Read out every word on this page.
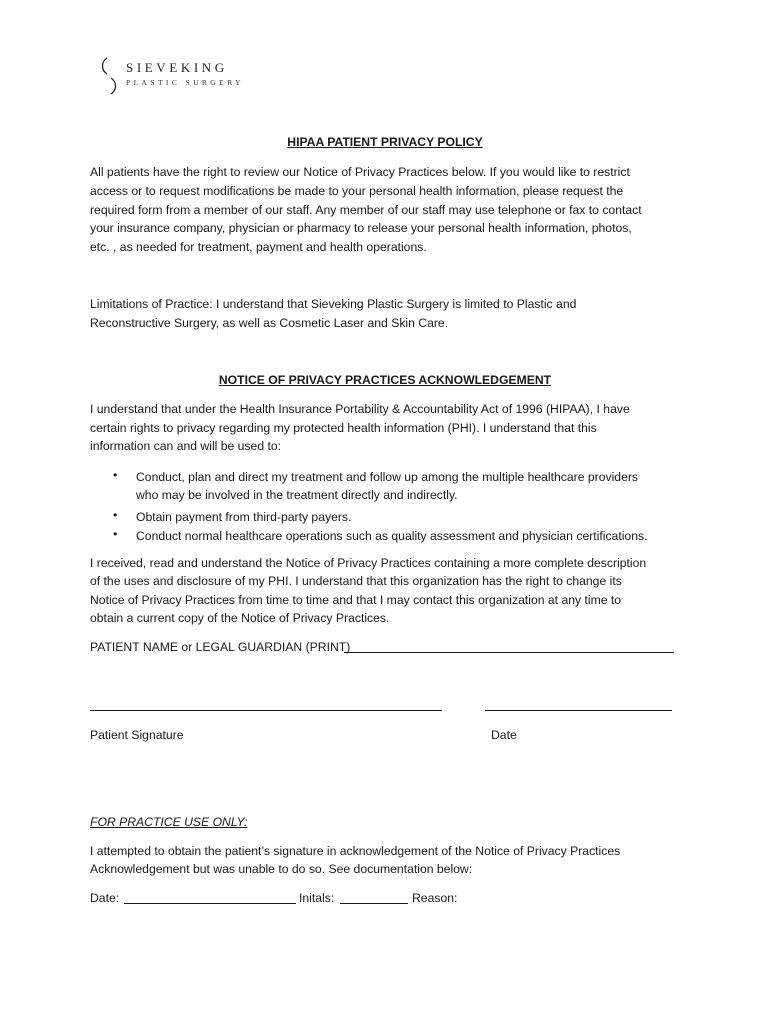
SIEVEKING
PLASTIC SURGERY
HIPAA PATIENT PRIVACY POLICY
All patients have the right to review our Notice of Privacy Practices below. If you would like to restrict
access or to request modifications be made to your personal health information, please request the
required form from a member of our staff. Any member of our staff may use telephone or fax to contact
your insurance company, physician or pharmacy to release your personal health information, photos,
etc. , as needed for treatment, payment and health operations.
Limitations of Practice: I understand that Sieveking Plastic Surgery is limited to Plastic and
Reconstructive Surgery, as well as Cosmetic Laser and Skin Care.
NOTICE OF PRIVACY PRACTICES ACKNOWLEDGEMENT
I understand that under the Health Insurance Portability & Accountability Act of 1996 (HIPAA), I have
certain rights to privacy regarding my protected health information (PHI). I understand that this
information can and will be used to:
• Conduct, plan and direct my treatment and follow up among the multiple healthcare providers
who may be involved in the treatment directly and indirectly.
• Obtain payment from third-party payers.
• Conduct normal healthcare operations such as quality assessment and physician certifications.
I received, read and understand the Notice of Privacy Practices containing a more complete description
of the uses and disclosure of my PHI. I understand that this organization has the right to change its
Notice of Privacy Practices from time to time and that I may contact this organization at any time to
obtain a current copy of the Notice of Privacy Practices.
PATIENT NAME or LEGAL GUARDIAN (PRINT)
Patient Signature	Date
FOR PRACTICE USE ONLY:
I attempted to obtain the patient’s signature in acknowledgement of the Notice of Privacy Practices
Acknowledgement but was unable to do so. See documentation below:
Date:	Initals:	Reason:
